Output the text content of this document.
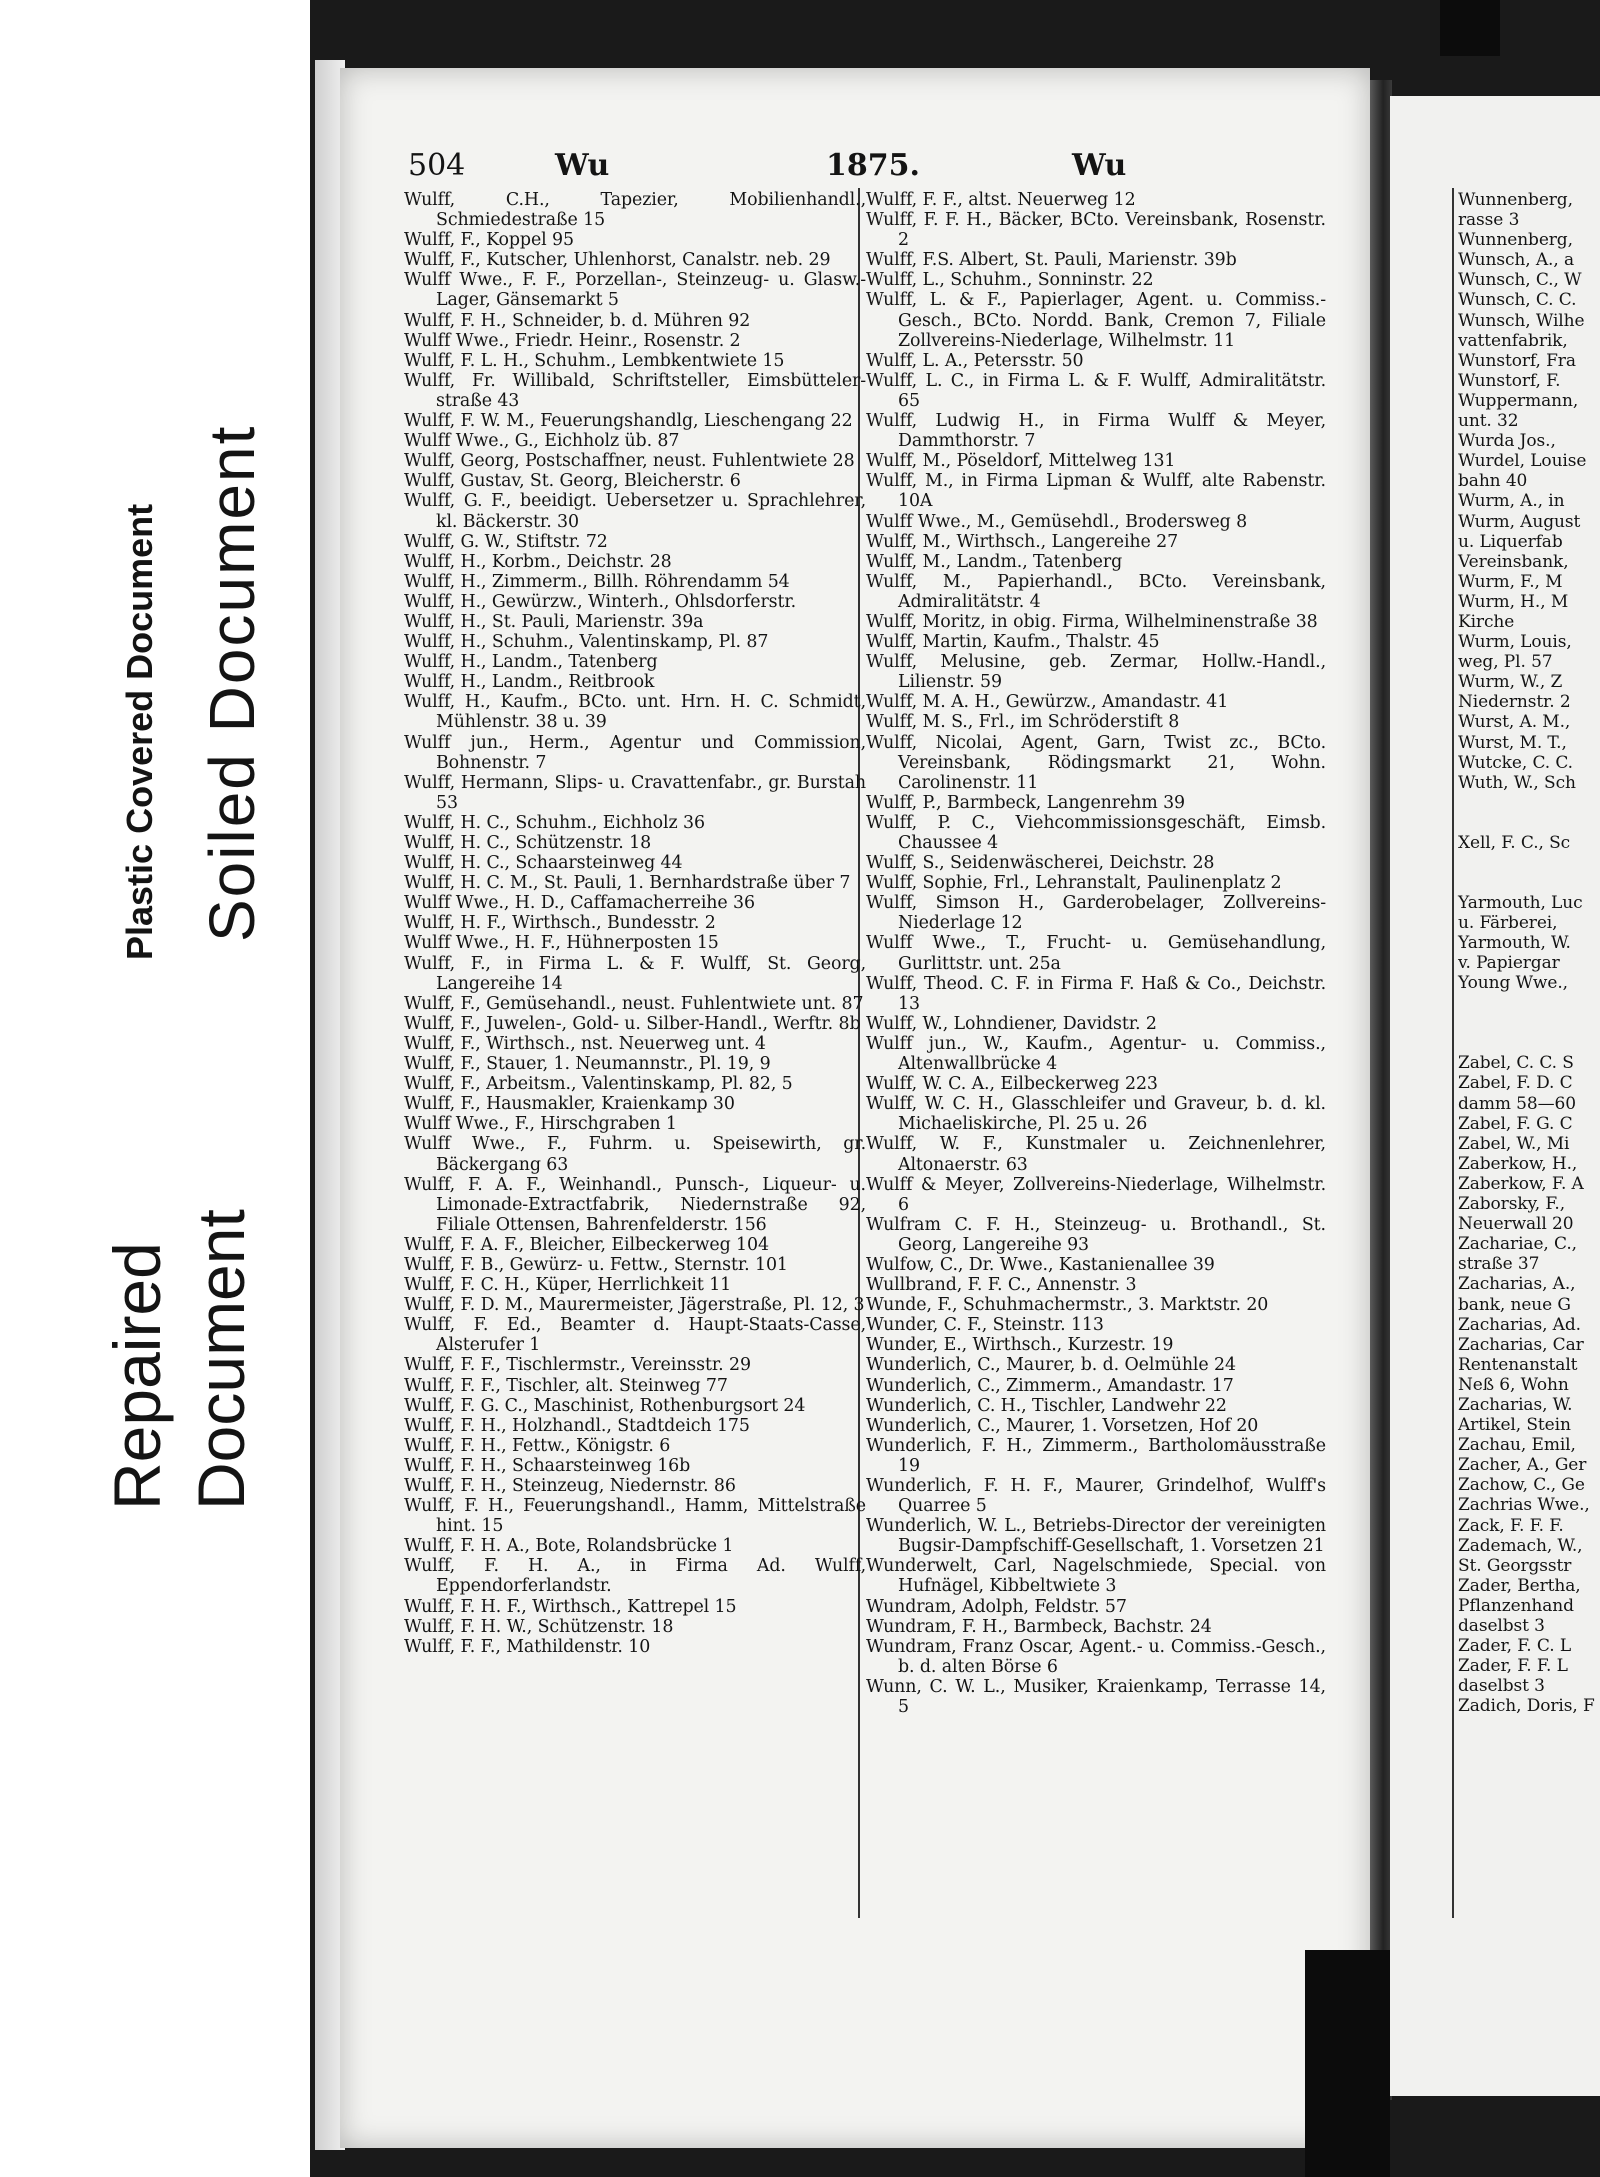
Plastic Covered Document Soiled Document
Repaired Document
504	Wu	1875.	Wu

Wulff, C.H., Tapezier, Mobilienhandl., Schmiedestraße 15

Wulff, F., Koppel 95

Wulff, F., Kutscher, Uhlenhorst, Canalstr. neb. 29

Wulff Wwe., F. F., Porzellan-, Steinzeug- u. Glasw.-Lager, Gänsemarkt 5

Wulff, F. H., Schneider, b. d. Mühren 92

Wulff Wwe., Friedr. Heinr., Rosenstr. 2

Wulff, F. L. H., Schuhm., Lembkentwiete 15

Wulff, Fr. Willibald, Schriftsteller, Eimsbütteler-straße 43

Wulff, F. W. M., Feuerungshandlg, Lieschengang 22

Wulff Wwe., G., Eichholz üb. 87

Wulff, Georg, Postschaffner, neust. Fuhlentwiete 28

Wulff, Gustav, St. Georg, Bleicherstr. 6

Wulff, G. F., beeidigt. Uebersetzer u. Sprachlehrer, kl. Bäckerstr. 30

Wulff, G. W., Stiftstr. 72

Wulff, H., Korbm., Deichstr. 28

Wulff, H., Zimmerm., Billh. Röhrendamm 54

Wulff, H., Gewürzw., Winterh., Ohlsdorferstr.

Wulff, H., St. Pauli, Marienstr. 39a

Wulff, H., Schuhm., Valentinskamp, Pl. 87

Wulff, H., Landm., Tatenberg

Wulff, H., Landm., Reitbrook

Wulff, H., Kaufm., BCto. unt. Hrn. H. C. Schmidt, Mühlenstr. 38 u. 39

Wulff jun., Herm., Agentur und Commission, Bohnenstr. 7

Wulff, Hermann, Slips- u. Cravattenfabr., gr. Burstah 53

Wulff, H. C., Schuhm., Eichholz 36

Wulff, H. C., Schützenstr. 18

Wulff, H. C., Schaarsteinweg 44

Wulff, H. C. M., St. Pauli, 1. Bernhardstraße über 7

Wulff Wwe., H. D., Caffamacherreihe 36

Wulff, H. F., Wirthsch., Bundesstr. 2

Wulff Wwe., H. F., Hühnerposten 15

Wulff, F., in Firma L. & F. Wulff, St. Georg, Langereihe 14

Wulff, F., Gemüsehandl., neust. Fuhlentwiete unt. 87

Wulff, F., Juwelen-, Gold- u. Silber-Handl., Werftr. 8b

Wulff, F., Wirthsch., nst. Neuerweg unt. 4

Wulff, F., Stauer, 1. Neumannstr., Pl. 19, 9

Wulff, F., Arbeitsm., Valentinskamp, Pl. 82, 5

Wulff, F., Hausmakler, Kraienkamp 30

Wulff Wwe., F., Hirschgraben 1

Wulff Wwe., F., Fuhrm. u. Speisewirth, gr. Bäckergang 63

Wulff, F. A. F., Weinhandl., Punsch-, Liqueur- u. Limonade-Extractfabrik, Niedernstraße 92, Filiale Ottensen, Bahrenfelderstr. 156

Wulff, F. A. F., Bleicher, Eilbeckerweg 104

Wulff, F. B., Gewürz- u. Fettw., Sternstr. 101

Wulff, F. C. H., Küper, Herrlichkeit 11

Wulff, F. D. M., Maurermeister, Jägerstraße, Pl. 12, 3

Wulff, F. Ed., Beamter d. Haupt-Staats-Casse, Alsterufer 1

Wulff, F. F., Tischlermstr., Vereinsstr. 29

Wulff, F. F., Tischler, alt. Steinweg 77

Wulff, F. G. C., Maschinist, Rothenburgsort 24

Wulff, F. H., Holzhandl., Stadtdeich 175

Wulff, F. H., Fettw., Königstr. 6

Wulff, F. H., Schaarsteinweg 16b

Wulff, F. H., Steinzeug, Niedernstr. 86

Wulff, F. H., Feuerungshandl., Hamm, Mittelstraße hint. 15

Wulff, F. H. A., Bote, Rolandsbrücke 1

Wulff, F. H. A., in Firma Ad. Wulff, Eppendorferlandstr.

Wulff, F. H. F., Wirthsch., Kattrepel 15

Wulff, F. H. W., Schützenstr. 18

Wulff, F. F., Mathildenstr. 10

Wulff, F. F., altst. Neuerweg 12

Wulff, F. F. H., Bäcker, BCto. Vereinsbank, Rosenstr. 2

Wulff, F.S. Albert, St. Pauli, Marienstr. 39b

Wulff, L., Schuhm., Sonninstr. 22

Wulff, L. & F., Papierlager, Agent. u. Commiss.-Gesch., BCto. Nordd. Bank, Cremon 7, Filiale Zollvereins-Niederlage, Wilhelmstr. 11

Wulff, L. A., Petersstr. 50

Wulff, L. C., in Firma L. & F. Wulff, Admiralitätstr. 65

Wulff, Ludwig H., in Firma Wulff & Meyer, Dammthorstr. 7

Wulff, M., Pöseldorf, Mittelweg 131

Wulff, M., in Firma Lipman & Wulff, alte Rabenstr. 10A

Wulff Wwe., M., Gemüsehdl., Brodersweg 8

Wulff, M., Wirthsch., Langereihe 27

Wulff, M., Landm., Tatenberg

Wulff, M., Papierhandl., BCto. Vereinsbank, Admiralitätstr. 4

Wulff, Moritz, in obig. Firma, Wilhelminenstraße 38

Wulff, Martin, Kaufm., Thalstr. 45

Wulff, Melusine, geb. Zermar, Hollw.-Handl., Lilienstr. 59

Wulff, M. A. H., Gewürzw., Amandastr. 41

Wulff, M. S., Frl., im Schröderstift 8

Wulff, Nicolai, Agent, Garn, Twist zc., BCto. Vereinsbank, Rödingsmarkt 21, Wohn. Carolinenstr. 11

Wulff, P., Barmbeck, Langenrehm 39

Wulff, P. C., Viehcommissionsgeschäft, Eimsb. Chaussee 4

Wulff, S., Seidenwäscherei, Deichstr. 28

Wulff, Sophie, Frl., Lehranstalt, Paulinenplatz 2

Wulff, Simson H., Garderobelager, Zollvereins-Niederlage 12

Wulff Wwe., T., Frucht- u. Gemüsehandlung, Gurlittstr. unt. 25a

Wulff, Theod. C. F. in Firma F. Haß & Co., Deichstr. 13

Wulff, W., Lohndiener, Davidstr. 2

Wulff jun., W., Kaufm., Agentur- u. Commiss., Altenwallbrücke 4

Wulff, W. C. A., Eilbeckerweg 223

Wulff, W. C. H., Glasschleifer und Graveur, b. d. kl. Michaeliskirche, Pl. 25 u. 26

Wulff, W. F., Kunstmaler u. Zeichnenlehrer, Altonaerstr. 63

Wulff & Meyer, Zollvereins-Niederlage, Wilhelmstr. 6

Wulfram C. F. H., Steinzeug- u. Brothandl., St. Georg, Langereihe 93

Wulfow, C., Dr. Wwe., Kastanienallee 39

Wullbrand, F. F. C., Annenstr. 3

Wunde, F., Schuhmachermstr., 3. Marktstr. 20

Wunder, C. F., Steinstr. 113

Wunder, E., Wirthsch., Kurzestr. 19

Wunderlich, C., Maurer, b. d. Oelmühle 24

Wunderlich, C., Zimmerm., Amandastr. 17

Wunderlich, C. H., Tischler, Landwehr 22

Wunderlich, C., Maurer, 1. Vorsetzen, Hof 20

Wunderlich, F. H., Zimmerm., Bartholomäusstraße 19

Wunderlich, F. H. F., Maurer, Grindelhof, Wulff's Quarree 5

Wunderlich, W. L., Betriebs-Director der vereinigten Bugsir-Dampfschiff-Gesellschaft, 1. Vorsetzen 21

Wunderwelt, Carl, Nagelschmiede, Special. von Hufnägel, Kibbeltwiete 3

Wundram, Adolph, Feldstr. 57

Wundram, F. H., Barmbeck, Bachstr. 24

Wundram, Franz Oscar, Agent.- u. Commiss.-Gesch., b. d. alten Börse 6

Wunn, C. W. L., Musiker, Kraienkamp, Terrasse 14, 5

Wunnenberg,

rasse 3

Wunnenberg,

Wunsch, A., a

Wunsch, C., W

Wunsch, C. C.

Wunsch, Wilhe

vattenfabrik,

Wunstorf, Fra

Wunstorf, F.

Wuppermann,

unt. 32

Wurda Jos.,

Wurdel, Louise

bahn 40

Wurm, A., in

Wurm, August

u. Liquerfab

Vereinsbank,

Wurm, F., M

Wurm, H., M

Kirche

Wurm, Louis,

weg, Pl. 57

Wurm, W., Z

Niedernstr. 2

Wurst, A. M.,

Wurst, M. T.,

Wutcke, C. C.

Wuth, W., Sch

Xell, F. C., Sc

Yarmouth, Luc

u. Färberei,

Yarmouth, W.

v. Papiergar

Young Wwe.,

Zabel, C. C. S

Zabel, F. D. C

damm 58—60

Zabel, F. G. C

Zabel, W., Mi

Zaberkow, H.,

Zaberkow, F. A

Zaborsky, F.,

Neuerwall 20

Zachariae, C.,

straße 37

Zacharias, A.,

bank, neue G

Zacharias, Ad.

Zacharias, Car

Rentenanstalt

Neß 6, Wohn

Zacharias, W.

Artikel, Stein

Zachau, Emil,

Zacher, A., Ger

Zachow, C., Ge

Zachrias Wwe.,

Zack, F. F. F.

Zademach, W.,

St. Georgsstr

Zader, Bertha,

Pflanzenhand

daselbst 3

Zader, F. C. L

Zader, F. F. L

daselbst 3

Zadich, Doris, F
